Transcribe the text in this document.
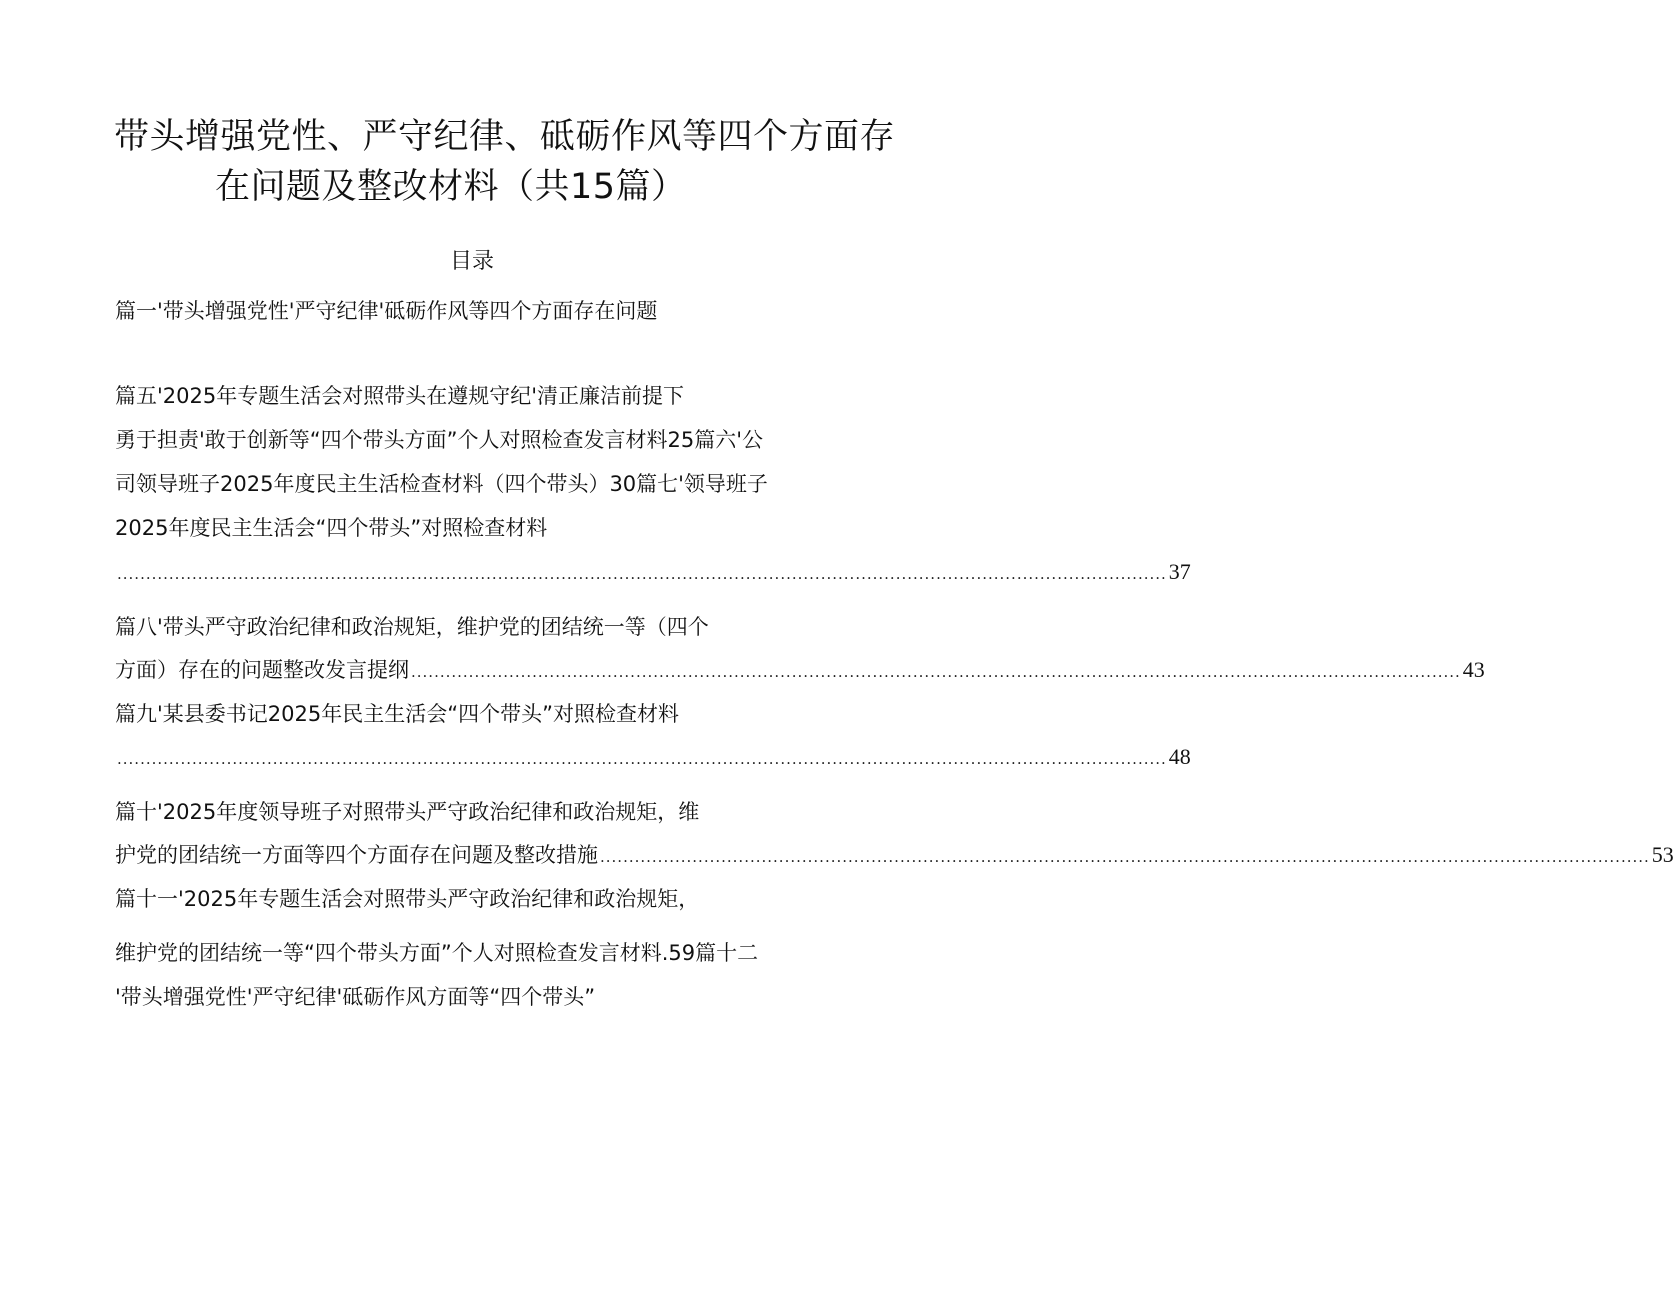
带头增强党性、严守纪律、砥砺作风等四个方面存
在问题及整改材料（共15篇）
目录
篇一'带头增强党性'严守纪律'砥砺作风等四个方面存在问题
篇五'2025年专题生活会对照带头在遵规守纪'清正廉洁前提下
勇于担责'敢于创新等“四个带头方面”个人对照检查发言材料25篇六'公
司领导班子2025年度民主生活检查材料（四个带头）30篇七'领导班子
2025年度民主生活会“四个带头”对照检查材料
...................................................................................................................................................................................... 37
篇八'带头严守政治纪律和政治规矩，维护党的团结统一等（四个
方面）存在的问题整改发言提纲 ...................................................................................................................................................................................... 43
篇九'某县委书记2025年民主生活会“四个带头”对照检查材料
...................................................................................................................................................................................... 48
篇十'2025年度领导班子对照带头严守政治纪律和政治规矩，维
护党的团结统一方面等四个方面存在问题及整改措施 ...................................................................................................................................................................................... 53
篇十一'2025年专题生活会对照带头严守政治纪律和政治规矩，
维护党的团结统一等“四个带头方面”个人对照检查发言材料.59篇十二
'带头增强党性'严守纪律'砥砺作风方面等“四个带头”
